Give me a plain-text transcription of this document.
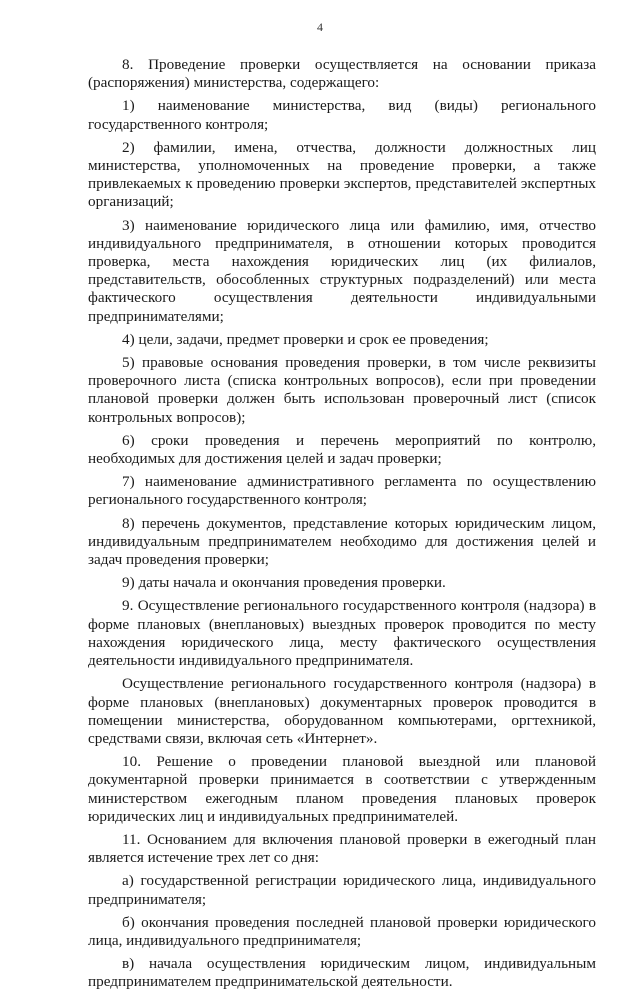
4

8. Проведение проверки осуществляется на основании приказа (распоряжения) министерства, содержащего:

1) наименование министерства, вид (виды) регионального государственного контроля;

2) фамилии, имена, отчества, должности должностных лиц министерства, уполномоченных на проведение проверки, а также привлекаемых к проведению проверки экспертов, представителей экспертных организаций;

3) наименование юридического лица или фамилию, имя, отчество индивидуального предпринимателя, в отношении которых проводится проверка, места нахождения юридических лиц (их филиалов, представительств, обособленных структурных подразделений) или места фактического осуществления деятельности индивидуальными предпринимателями;

4) цели, задачи, предмет проверки и срок ее проведения;

5) правовые основания проведения проверки, в том числе реквизиты проверочного листа (списка контрольных вопросов), если при проведении плановой проверки должен быть использован проверочный лист (список контрольных вопросов);

6) сроки проведения и перечень мероприятий по контролю, необходимых для достижения целей и задач проверки;

7) наименование административного регламента по осуществлению регионального государственного контроля;

8) перечень документов, представление которых юридическим лицом, индивидуальным предпринимателем необходимо для достижения целей и задач проведения проверки;

9) даты начала и окончания проведения проверки.

9. Осуществление регионального государственного контроля (надзора) в форме плановых (внеплановых) выездных проверок проводится по месту нахождения юридического лица, месту фактического осуществления деятельности индивидуального предпринимателя.

Осуществление регионального государственного контроля (надзора) в форме плановых (внеплановых) документарных проверок проводится в помещении министерства, оборудованном компьютерами, оргтехникой, средствами связи, включая сеть «Интернет».

10. Решение о проведении плановой выездной или плановой документарной проверки принимается в соответствии с утвержденным министерством ежегодным планом проведения плановых проверок юридических лиц и индивидуальных предпринимателей.

11. Основанием для включения плановой проверки в ежегодный план является истечение трех лет со дня:

а) государственной регистрации юридического лица, индивидуального предпринимателя;

б) окончания проведения последней плановой проверки юридического лица, индивидуального предпринимателя;

в) начала осуществления юридическим лицом, индивидуальным предпринимателем предпринимательской деятельности.
